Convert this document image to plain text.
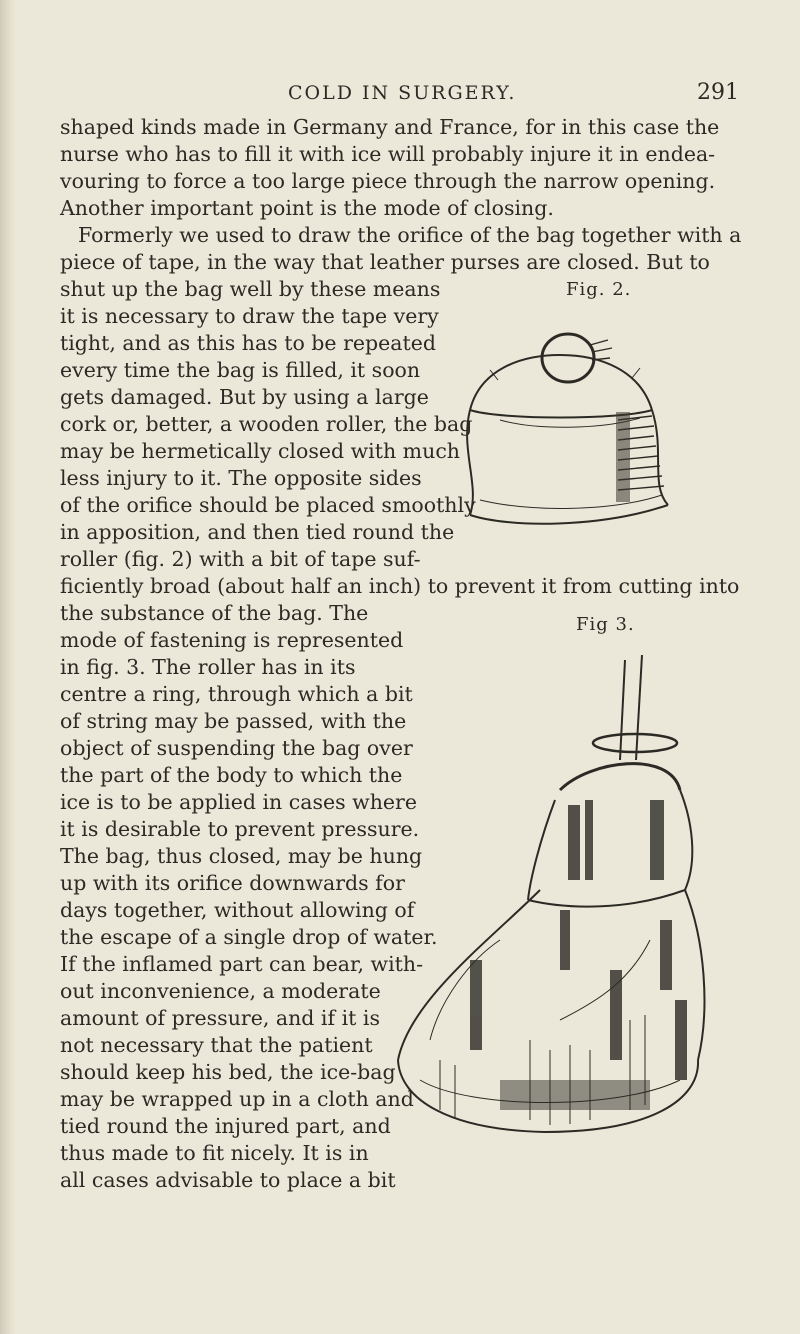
COLD IN SURGERY.	291
shaped kinds made in Germany and France, for in this case the
nurse who has to fill it with ice will probably injure it in endea-
vouring to force a too large piece through the narrow opening.
Another important point is the mode of closing.
Formerly we used to draw the orifice of the bag together with a
piece of tape, in the way that leather purses are closed. But to
shut up the bag well by these means
it is necessary to draw the tape very
tight, and as this has to be repeated
every time the bag is filled, it soon
gets damaged. But by using a large
cork or, better, a wooden roller, the bag
may be hermetically closed with much
less injury to it. The opposite sides
of the orifice should be placed smoothly
in apposition, and then tied round the
roller (fig. 2) with a bit of tape suf-
ficiently broad (about half an inch) to prevent it from cutting into
the substance of the bag. The
mode of fastening is represented
in fig. 3. The roller has in its
centre a ring, through which a bit
of string may be passed, with the
object of suspending the bag over
the part of the body to which the
ice is to be applied in cases where
it is desirable to prevent pressure.
The bag, thus closed, may be hung
up with its orifice downwards for
days together, without allowing of
the escape of a single drop of water.
If the inflamed part can bear, with-
out inconvenience, a moderate
amount of pressure, and if it is
not necessary that the patient
should keep his bed, the ice-bag
may be wrapped up in a cloth and
tied round the injured part, and
thus made to fit nicely. It is in
all cases advisable to place a bit
Fig. 2.
Fig 3.
